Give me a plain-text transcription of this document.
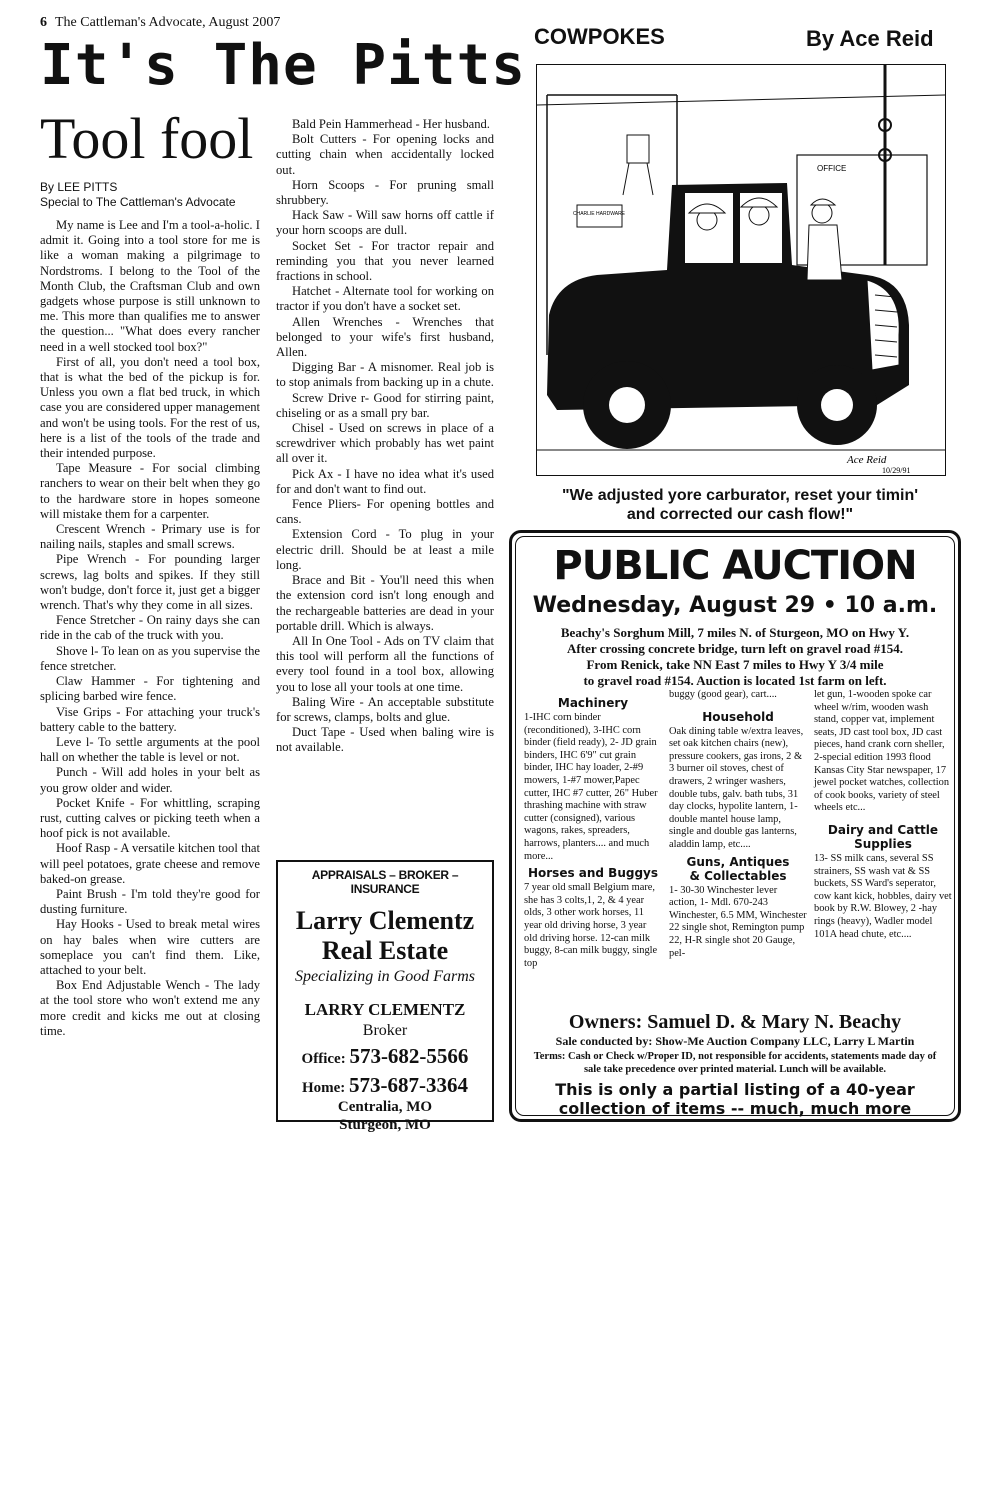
6 The Cattleman's Advocate, August 2007
It's The Pitts
Tool fool
By LEE PITTS
Special to The Cattleman's Advocate

My name is Lee and I'm a tool-a-holic. I admit it. Going into a tool store for me is like a woman making a pilgrimage to Nordstroms. I belong to the Tool of the Month Club, the Craftsman Club and own gadgets whose purpose is still unknown to me. This more than qualifies me to answer the question... "What does every rancher need in a well stocked tool box?"

First of all, you don't need a tool box, that is what the bed of the pickup is for. Unless you own a flat bed truck, in which case you are considered upper management and won't be using tools. For the rest of us, here is a list of the tools of the trade and their intended purpose.

Tape Measure - For social climbing ranchers to wear on their belt when they go to the hardware store in hopes someone will mistake them for a carpenter.

Crescent Wrench - Primary use is for nailing nails, staples and small screws.

Pipe Wrench - For pounding larger screws, lag bolts and spikes. If they still won't budge, don't force it, just get a bigger wrench. That's why they come in all sizes.

Fence Stretcher - On rainy days she can ride in the cab of the truck with you.

Shove l- To lean on as you supervise the fence stretcher.

Claw Hammer - For tightening and splicing barbed wire fence.

Vise Grips - For attaching your truck's battery cable to the battery.

Leve l- To settle arguments at the pool hall on whether the table is level or not.

Punch - Will add holes in your belt as you grow older and wider.

Pocket Knife - For whittling, scraping rust, cutting calves or picking teeth when a hoof pick is not available.

Hoof Rasp - A versatile kitchen tool that will peel potatoes, grate cheese and remove baked-on grease.

Paint Brush - I'm told they're good for dusting furniture.

Hay Hooks - Used to break metal wires on hay bales when wire cutters are someplace you can't find them. Like, attached to your belt.

Box End Adjustable Wench - The lady at the tool store who won't extend me any more credit and kicks me out at closing time.

Bald Pein Hammerhead - Her husband.

Bolt Cutters - For opening locks and cutting chain when accidentally locked out.

Horn Scoops - For pruning small shrubbery.

Hack Saw - Will saw horns off cattle if your horn scoops are dull.

Socket Set - For tractor repair and reminding you that you never learned fractions in school.

Hatchet - Alternate tool for working on tractor if you don't have a socket set.

Allen Wrenches - Wrenches that belonged to your wife's first husband, Allen.

Digging Bar - A misnomer. Real job is to stop animals from backing up in a chute.

Screw Drive r- Good for stirring paint, chiseling or as a small pry bar.

Chisel - Used on screws in place of a screwdriver which probably has wet paint all over it.

Pick Ax - I have no idea what it's used for and don't want to find out.

Fence Pliers- For opening bottles and cans.

Extension Cord - To plug in your electric drill. Should be at least a mile long.

Brace and Bit - You'll need this when the extension cord isn't long enough and the rechargeable batteries are dead in your portable drill. Which is always.

All In One Tool - Ads on TV claim that this tool will perform all the functions of every tool found in a tool box, allowing you to lose all your tools at one time.

Baling Wire - An acceptable substitute for screws, clamps, bolts and glue.

Duct Tape - Used when baling wire is not available.

APPRAISALS – BROKER – INSURANCE
Larry Clementz
Real Estate
Specializing in Good Farms
LARRY CLEMENTZ
Broker
Office: 573-682-5566
Home: 573-687-3364
Centralia, MO
Sturgeon, MO
COWPOKES	By Ace Reid
OFFICE
CHARLIE HARDWARE
Ace Reid
10/29/91
"We adjusted yore carburator, reset your timin'
and corrected our cash flow!"
PUBLIC AUCTION
Wednesday, August 29 • 10 a.m.
Beachy's Sorghum Mill, 7 miles N. of Sturgeon, MO on Hwy Y.
After crossing concrete bridge, turn left on gravel road #154.
From Renick, take NN East 7 miles to Hwy Y 3/4 mile
to gravel road #154. Auction is located 1st farm on left.
Machinery
1-IHC corn binder (reconditioned), 3-IHC corn binder (field ready), 2- JD grain binders, IHC 6'9" cut grain binder, IHC hay loader, 2-#9 mowers, 1-#7 mower,Papec cutter, IHC #7 cutter, 26" Huber thrashing machine with straw cutter (consigned), various wagons, rakes, spreaders, harrows, planters.... and much more...
Horses and Buggys
7 year old small Belgium mare, she has 3 colts,1, 2, & 4 year olds, 3 other work horses, 11 year old driving horse, 3 year old driving horse. 12-can milk buggy, 8-can milk buggy, single top
buggy (good gear), cart....
Household
Oak dining table w/extra leaves, set oak kitchen chairs (new), pressure cookers, gas irons, 2 & 3 burner oil stoves, chest of drawers, 2 wringer washers, double tubs, galv. bath tubs, 31 day clocks, hypolite lantern, 1-double mantel house lamp, single and double gas lanterns, aladdin lamp, etc....
Guns, Antiques
& Collectables
1- 30-30 Winchester lever action, 1- Mdl. 670-243 Winchester, 6.5 MM, Winchester 22 single shot, Remington pump 22, H-R single shot 20 Gauge, pel-
let gun, 1-wooden spoke car wheel w/rim, wooden wash stand, copper vat, implement seats, JD cast tool box, JD cast pieces, hand crank corn sheller, 2-special edition 1993 flood Kansas City Star newspaper, 17 jewel pocket watches, collection of cook books, variety of steel wheels etc...
Dairy and Cattle
Supplies
13- SS milk cans, several SS strainers, SS wash vat & SS buckets, SS Ward's seperator, cow kant kick, hobbles, dairy vet book by R.W. Blowey, 2 -hay rings (heavy), Wadler model 101A head chute, etc....
Owners: Samuel D. & Mary N. Beachy
Sale conducted by: Show-Me Auction Company LLC, Larry L Martin
Terms: Cash or Check w/Proper ID, not responsible for accidents, statements made day of sale take precedence over printed material. Lunch will be available.
This is only a partial listing of a 40-year
collection of items -- much, much more
